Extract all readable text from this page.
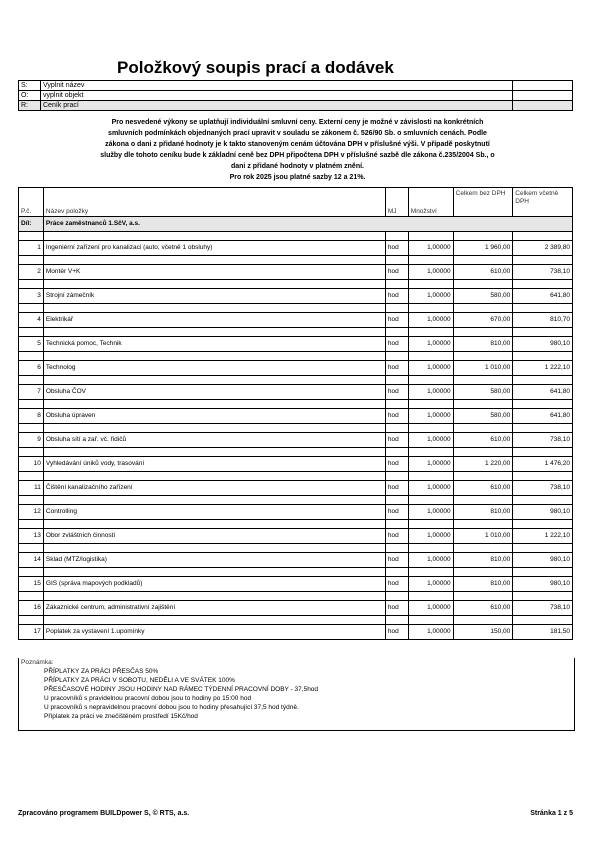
Položkový soupis prací a dodávek
S:	Vyplnit název	
O:	vyplnit objekt	
R:	Ceník prací	
Pro nesvedené výkony se uplatňují individuální smluvní ceny. Externí ceny je možné v závislosti na konkrétních
smluvních podmínkách objednaných prací upravit v souladu se zákonem č. 526/90 Sb. o smluvních cenách. Podle
zákona o dani z přidané hodnoty je k takto stanoveným cenám účtována DPH v příslušné výši. V případě poskytnutí
služby dle tohoto ceníku bude k základní ceně bez DPH připočtena DPH v příslušné sazbě dle zákona č.235/2004 Sb., o
dani z přidané hodnoty v platném znění.
Pro rok 2025 jsou platné sazby 12 a 21%.
P.č.	Název položky	MJ	Množství	Celkem bez DPH	Celkem včetně DPH
Díl:	Práce zaměstnanců 1.SčV, a.s.				

1	Ingeniérní zařízení pro kanalizaci (auto, včetně 1 obsluhy)	hod	1,00000	1 960,00	2 389,80

2	Montér V+K	hod	1,00000	610,00	738,10

3	Strojní zámečník	hod	1,00000	580,00	641,80

4	Elektrikář	hod	1,00000	670,00	810,70

5	Technická pomoc, Technik	hod	1,00000	810,00	980,10

6	Technolog	hod	1,00000	1 010,00	1 222,10

7	Obsluha ČOV	hod	1,00000	580,00	641,80

8	Obsluha úpraven	hod	1,00000	580,00	641,80

9	Obsluha sítí a zař. vč. řidičů	hod	1,00000	610,00	738,10

10	Vyhledávání úniků vody, trasování	hod	1,00000	1 220,00	1 476,20

11	Čištění kanalizačního zařízení	hod	1,00000	610,00	738,10

12	Controlling	hod	1,00000	810,00	980,10

13	Obor zvláštních činností	hod	1,00000	1 010,00	1 222,10

14	Sklad (MTZ/logistika)	hod	1,00000	810,00	980,10

15	GIS (správa mapových podkladů)	hod	1,00000	810,00	980,10

16	Zákaznické centrum, administrativní zajištění	hod	1,00000	610,00	738,10

17	Poplatek za vystavení 1.upomínky	hod	1,00000	150,00	181,50
Poznámka:
PŘÍPLATKY ZA PRÁCI PŘESČAS 50%
PŘÍPLATKY ZA PRÁCI V SOBOTU, NEDĚLI A VE SVÁTEK 100%
PŘESČASOVÉ HODINY JSOU HODINY NAD RÁMEC TÝDENNÍ PRACOVNÍ DOBY - 37,5hod
U pracovníků s pravidelnou pracovní dobou jsou to hodiny po 15:00 hod
U pracovníků s nepravidelnou pracovní dobou jsou to hodiny přesahující 37,5 hod týdně.
Příplatek za práci ve znečištěném prostředí 15Kč/hod
Zpracováno programem BUILDpower S, © RTS, a.s.	Stránka 1 z 5
